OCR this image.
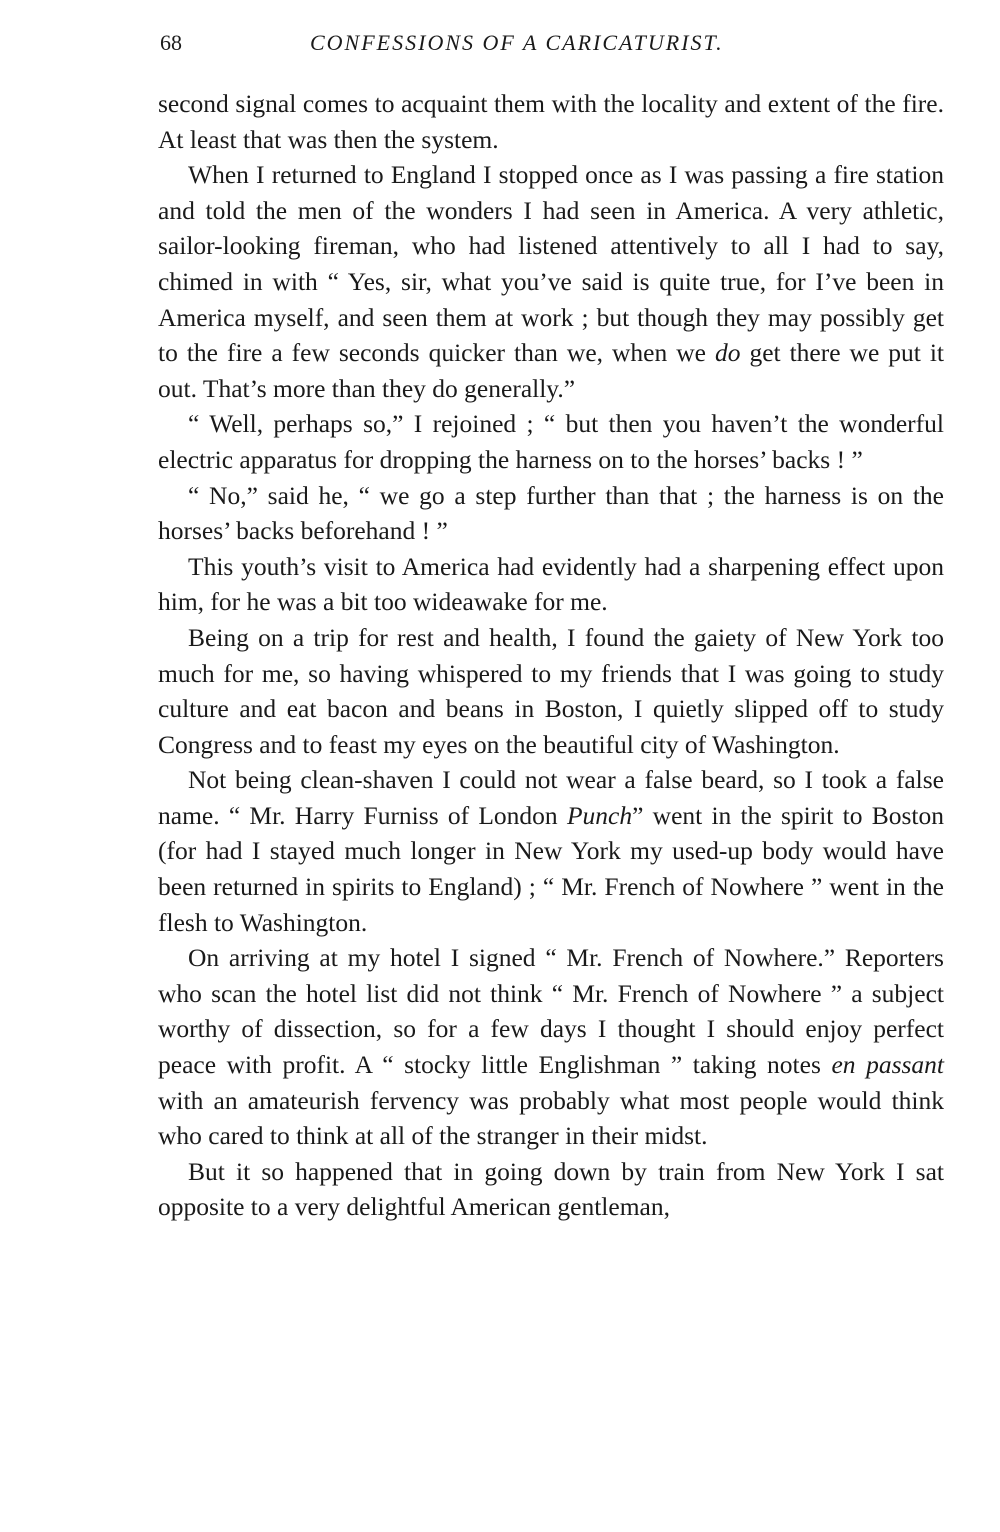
68	CONFESSIONS OF A CARICATURIST.

second signal comes to acquaint them with the locality and extent of the fire. At least that was then the system.

When I returned to England I stopped once as I was passing a fire station and told the men of the wonders I had seen in America. A very athletic, sailor-looking fireman, who had listened attentively to all I had to say, chimed in with “ Yes, sir, what you’ve said is quite true, for I’ve been in America myself, and seen them at work ; but though they may possibly get to the fire a few seconds quicker than we, when we do get there we put it out. That’s more than they do generally.”

“ Well, perhaps so,” I rejoined ; “ but then you haven’t the wonderful electric apparatus for dropping the harness on to the horses’ backs ! ”

“ No,” said he, “ we go a step further than that ; the harness is on the horses’ backs beforehand ! ”

This youth’s visit to America had evidently had a sharpening effect upon him, for he was a bit too wideawake for me.

Being on a trip for rest and health, I found the gaiety of New York too much for me, so having whispered to my friends that I was going to study culture and eat bacon and beans in Boston, I quietly slipped off to study Congress and to feast my eyes on the beautiful city of Washington.

Not being clean-shaven I could not wear a false beard, so I took a false name. “ Mr. Harry Furniss of London Punch” went in the spirit to Boston (for had I stayed much longer in New York my used-up body would have been returned in spirits to England) ; “ Mr. French of Nowhere ” went in the flesh to Washington.

On arriving at my hotel I signed “ Mr. French of Nowhere.” Reporters who scan the hotel list did not think “ Mr. French of Nowhere ” a subject worthy of dissection, so for a few days I thought I should enjoy perfect peace with profit. A “ stocky little Englishman ” taking notes en passant with an amateurish fervency was probably what most people would think who cared to think at all of the stranger in their midst.

But it so happened that in going down by train from New York I sat opposite to a very delightful American gentleman,
